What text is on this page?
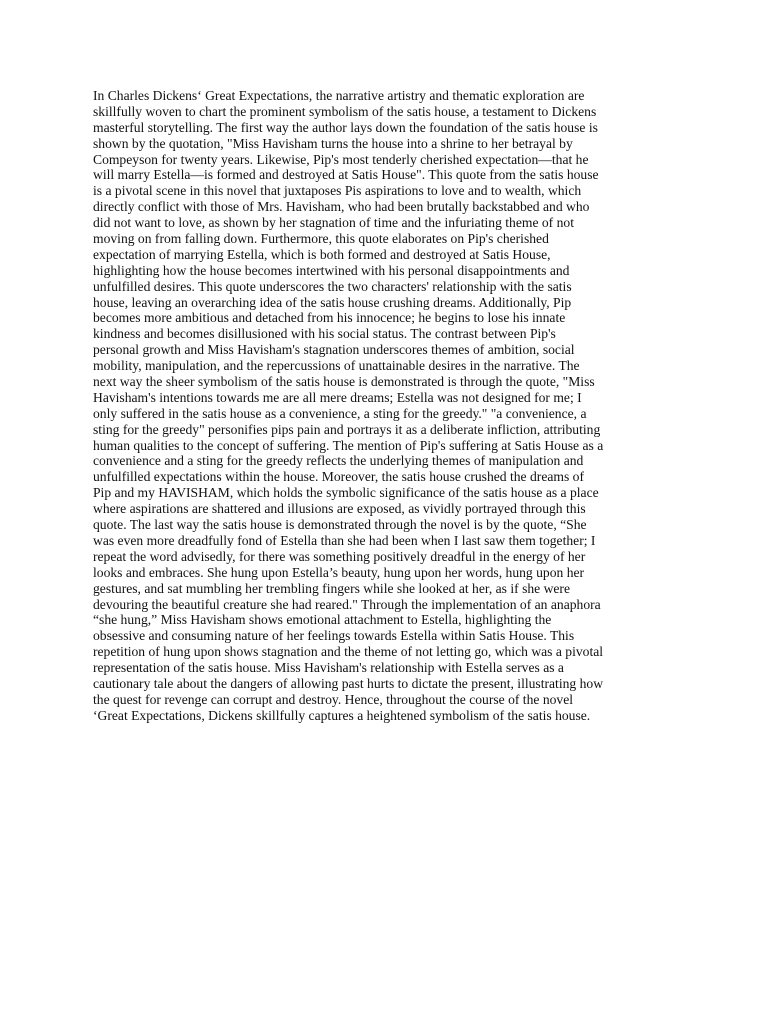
In Charles Dickens‘ Great Expectations, the narrative artistry and thematic exploration are
skillfully woven to chart the prominent symbolism of the satis house, a testament to Dickens
masterful storytelling. The first way the author lays down the foundation of the satis house is
shown by the quotation, "Miss Havisham turns the house into a shrine to her betrayal by
Compeyson for twenty years. Likewise, Pip's most tenderly cherished expectation—that he
will marry Estella—is formed and destroyed at Satis House". This quote from the satis house
is a pivotal scene in this novel that juxtaposes Pis aspirations to love and to wealth, which
directly conflict with those of Mrs. Havisham, who had been brutally backstabbed and who
did not want to love, as shown by her stagnation of time and the infuriating theme of not
moving on from falling down. Furthermore, this quote elaborates on Pip's cherished
expectation of marrying Estella, which is both formed and destroyed at Satis House,
highlighting how the house becomes intertwined with his personal disappointments and
unfulfilled desires. This quote underscores the two characters' relationship with the satis
house, leaving an overarching idea of the satis house crushing dreams. Additionally, Pip
becomes more ambitious and detached from his innocence; he begins to lose his innate
kindness and becomes disillusioned with his social status. The contrast between Pip's
personal growth and Miss Havisham's stagnation underscores themes of ambition, social
mobility, manipulation, and the repercussions of unattainable desires in the narrative. The
next way the sheer symbolism of the satis house is demonstrated is through the quote, "Miss
Havisham's intentions towards me are all mere dreams; Estella was not designed for me; I
only suffered in the satis house as a convenience, a sting for the greedy." "a convenience, a
sting for the greedy" personifies pips pain and portrays it as a deliberate infliction, attributing
human qualities to the concept of suffering. The mention of Pip's suffering at Satis House as a
convenience and a sting for the greedy reflects the underlying themes of manipulation and
unfulfilled expectations within the house. Moreover, the satis house crushed the dreams of
Pip and my HAVISHAM, which holds the symbolic significance of the satis house as a place
where aspirations are shattered and illusions are exposed, as vividly portrayed through this
quote. The last way the satis house is demonstrated through the novel is by the quote, “She
was even more dreadfully fond of Estella than she had been when I last saw them together; I
repeat the word advisedly, for there was something positively dreadful in the energy of her
looks and embraces. She hung upon Estella’s beauty, hung upon her words, hung upon her
gestures, and sat mumbling her trembling fingers while she looked at her, as if she were
devouring the beautiful creature she had reared." Through the implementation of an anaphora
“she hung,” Miss Havisham shows emotional attachment to Estella, highlighting the
obsessive and consuming nature of her feelings towards Estella within Satis House. This
repetition of hung upon shows stagnation and the theme of not letting go, which was a pivotal
representation of the satis house. Miss Havisham's relationship with Estella serves as a
cautionary tale about the dangers of allowing past hurts to dictate the present, illustrating how
the quest for revenge can corrupt and destroy. Hence, throughout the course of the novel
‘Great Expectations, Dickens skillfully captures a heightened symbolism of the satis house.
